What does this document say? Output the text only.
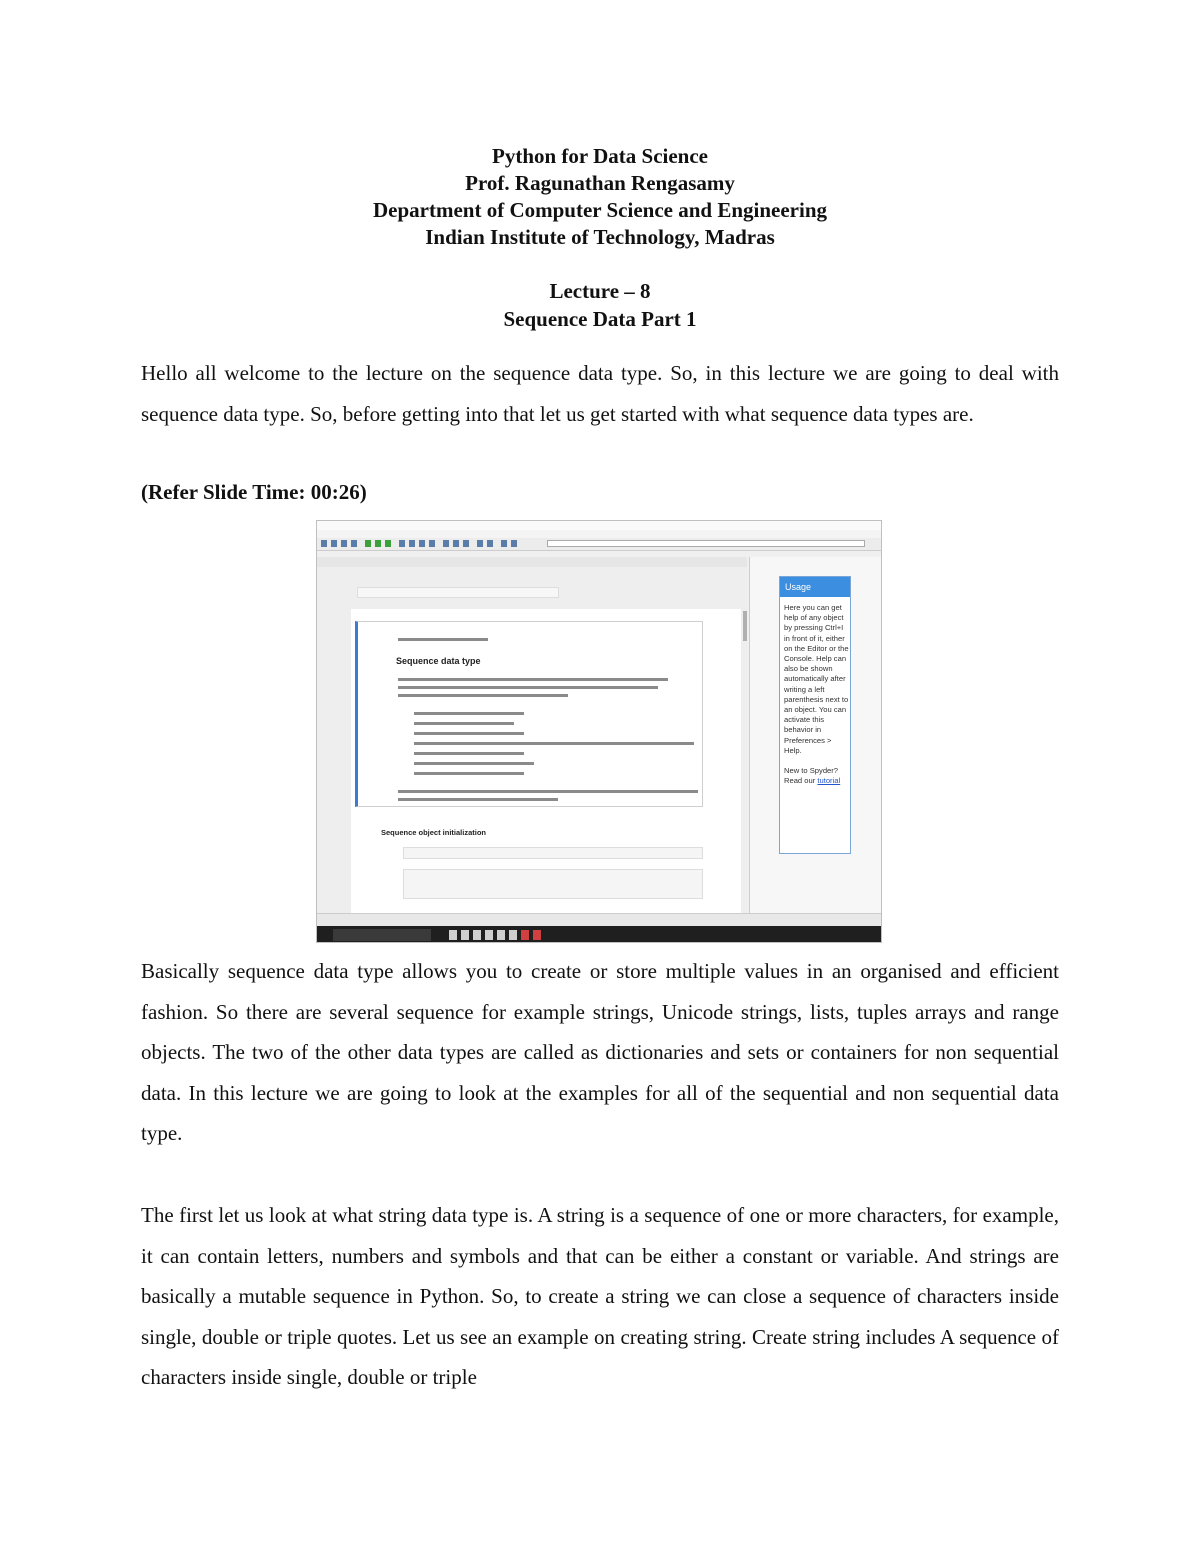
Python for Data Science
Prof. Ragunathan Rengasamy
Department of Computer Science and Engineering
Indian Institute of Technology, Madras
Lecture – 8
Sequence Data Part 1
Hello all welcome to the lecture on the sequence data type. So, in this lecture we are going to deal with sequence data type. So, before getting into that let us get started with what sequence data types are.
(Refer Slide Time: 00:26)
Sequence data type
Sequence object initialization
Usage
Here you can get help of any object by pressing Ctrl+I in front of it, either on the Editor or the Console. Help can also be shown automatically after writing a left parenthesis next to an object. You can activate this behavior in Preferences > Help.

New to Spyder? Read our tutorial
Basically sequence data type allows you to create or store multiple values in an organised and efficient fashion. So there are several sequence for example strings, Unicode strings, lists, tuples arrays and range objects. The two of the other data types are called as dictionaries and sets or containers for non sequential data. In this lecture we are going to look at the examples for all of the sequential and non sequential data type.
The first let us look at what string data type is. A string is a sequence of one or more characters, for example, it can contain letters, numbers and symbols and that can be either a constant or variable. And strings are basically a mutable sequence in Python. So, to create a string we can close a sequence of characters inside single, double or triple quotes. Let us see an example on creating string. Create string includes A sequence of characters inside single, double or triple
